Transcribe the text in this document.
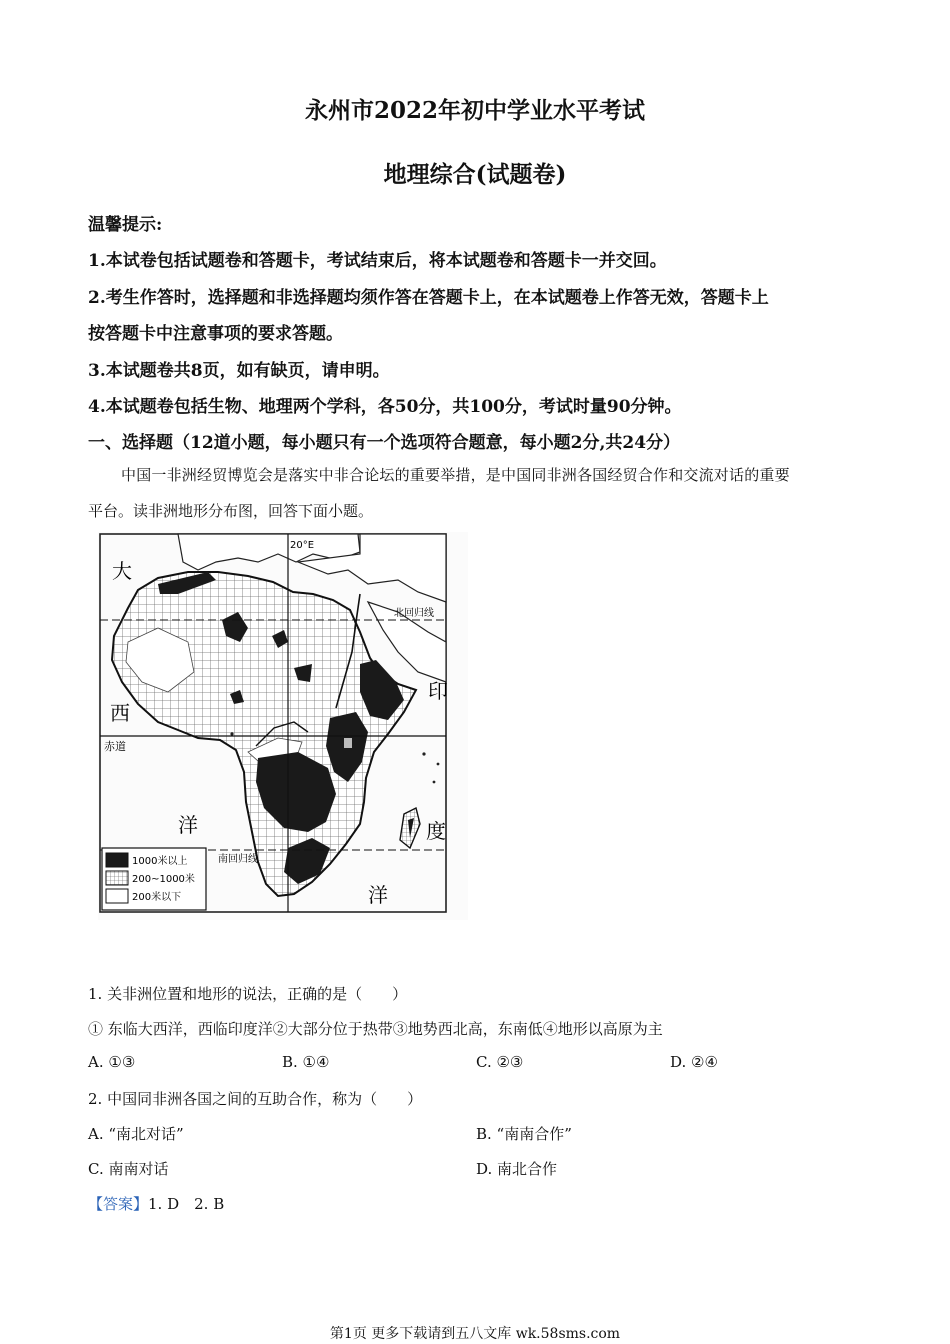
永州市2022年初中学业水平考试
地理综合(试题卷)
温馨提示:
1.本试卷包括试题卷和答题卡，考试结束后，将本试题卷和答题卡一并交回。
2.考生作答时，选择题和非选择题均须作答在答题卡上，在本试题卷上作答无效，答题卡上
按答题卡中注意事项的要求答题。
3.本试题卷共8页，如有缺页，请申明。
4.本试题卷包括生物、地理两个学科，各50分，共100分，考试时量90分钟。
一、选择题（12道小题，每小题只有一个选项符合题意，每小题2分,共24分）
中国一非洲经贸博览会是落实中非合论坛的重要举措，是中国同非洲各国经贸合作和交流对话的重要
平台。读非洲地形分布图，回答下面小题。
20°E
北回归线
赤道
南回归线
大
西
洋
印
度
洋
1000米以上
200~1000米
200米以下
1. 关非洲位置和地形的说法，正确的是（　　）
① 东临大西洋，西临印度洋②大部分位于热带③地势西北高，东南低④地形以高原为主
A. ①③	B. ①④	C. ②③	D. ②④
2. 中国同非洲各国之间的互助合作，称为（　　）
A. “南北对话”	B. “南南合作”
C. 南南对话	D. 南北合作
【答案】1. D　2. B
第1页 更多下载请到五八文库 wk.58sms.com
